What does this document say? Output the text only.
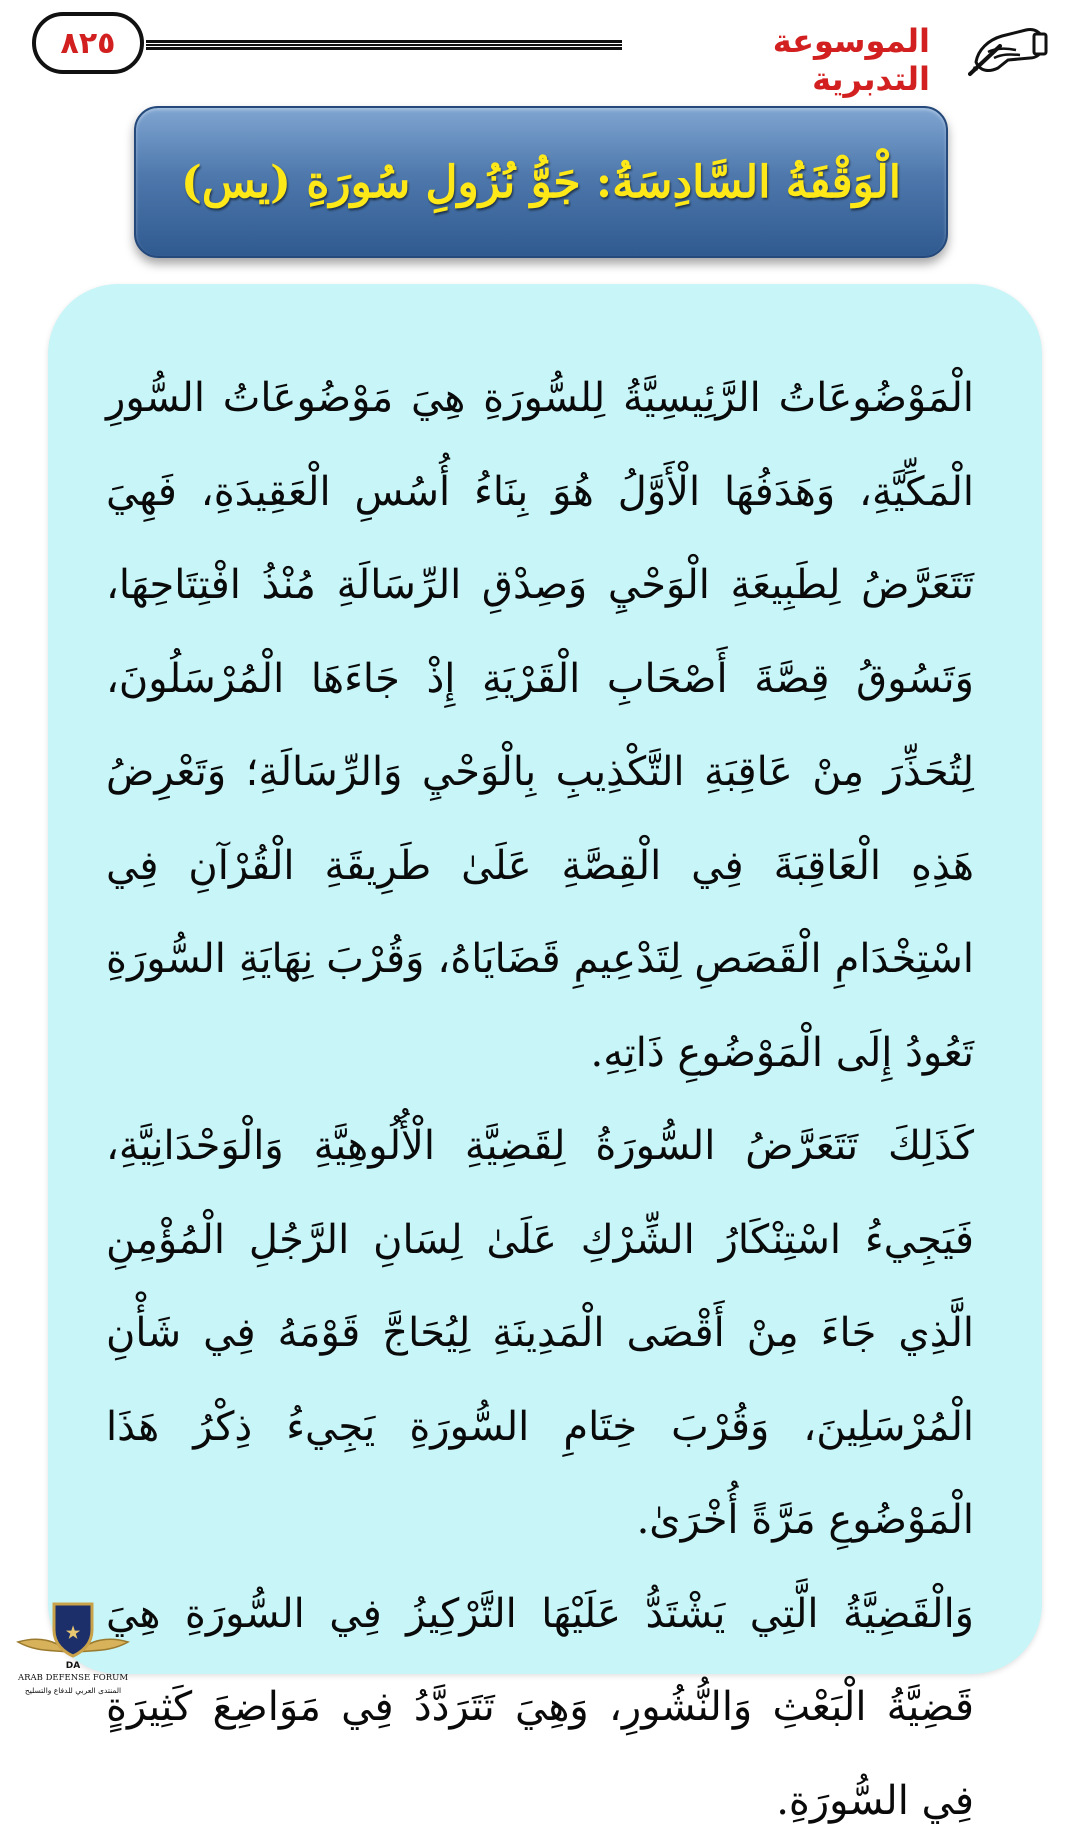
٨٢٥	الموسوعة التدبرية
الْوَقْفَةُ السَّادِسَةُ: جَوُّ نُزُولِ سُورَةِ (يس)

الْمَوْضُوعَاتُ الرَّئِيسِيَّةُ لِلسُّورَةِ هِيَ مَوْضُوعَاتُ السُّورِ الْمَكِّيَّةِ، وَهَدَفُهَا الْأَوَّلُ هُوَ بِنَاءُ أُسُسِ الْعَقِيدَةِ، فَهِيَ تَتَعَرَّضُ لِطَبِيعَةِ الْوَحْيِ وَصِدْقِ الرِّسَالَةِ مُنْذُ افْتِتَاحِهَا، وَتَسُوقُ قِصَّةَ أَصْحَابِ الْقَرْيَةِ إِذْ جَاءَهَا الْمُرْسَلُونَ، لِتُحَذِّرَ مِنْ عَاقِبَةِ التَّكْذِيبِ بِالْوَحْيِ وَالرِّسَالَةِ؛ وَتَعْرِضُ هَذِهِ الْعَاقِبَةَ فِي الْقِصَّةِ عَلَىٰ طَرِيقَةِ الْقُرْآنِ فِي اسْتِخْدَامِ الْقَصَصِ لِتَدْعِيمِ قَضَايَاهُ، وَقُرْبَ نِهَايَةِ السُّورَةِ تَعُودُ إِلَى الْمَوْضُوعِ ذَاتِهِ.

كَذَلِكَ تَتَعَرَّضُ السُّورَةُ لِقَضِيَّةِ الْأُلُوهِيَّةِ وَالْوَحْدَانِيَّةِ، فَيَجِيءُ اسْتِنْكَارُ الشِّرْكِ عَلَىٰ لِسَانِ الرَّجُلِ الْمُؤْمِنِ الَّذِي جَاءَ مِنْ أَقْصَى الْمَدِينَةِ لِيُحَاجَّ قَوْمَهُ فِي شَأْنِ الْمُرْسَلِينَ، وَقُرْبَ خِتَامِ السُّورَةِ يَجِيءُ ذِكْرُ هَذَا الْمَوْضُوعِ مَرَّةً أُخْرَىٰ.

وَالْقَضِيَّةُ الَّتِي يَشْتَدُّ عَلَيْهَا التَّرْكِيزُ فِي السُّورَةِ هِيَ قَضِيَّةُ الْبَعْثِ وَالنُّشُورِ، وَهِيَ تَتَرَدَّدُ فِي مَوَاضِعَ كَثِيرَةٍ فِي السُّورَةِ.

★
DA
ARAB DEFENSE FORUM
المنتدى العربي للدفاع والتسليح
